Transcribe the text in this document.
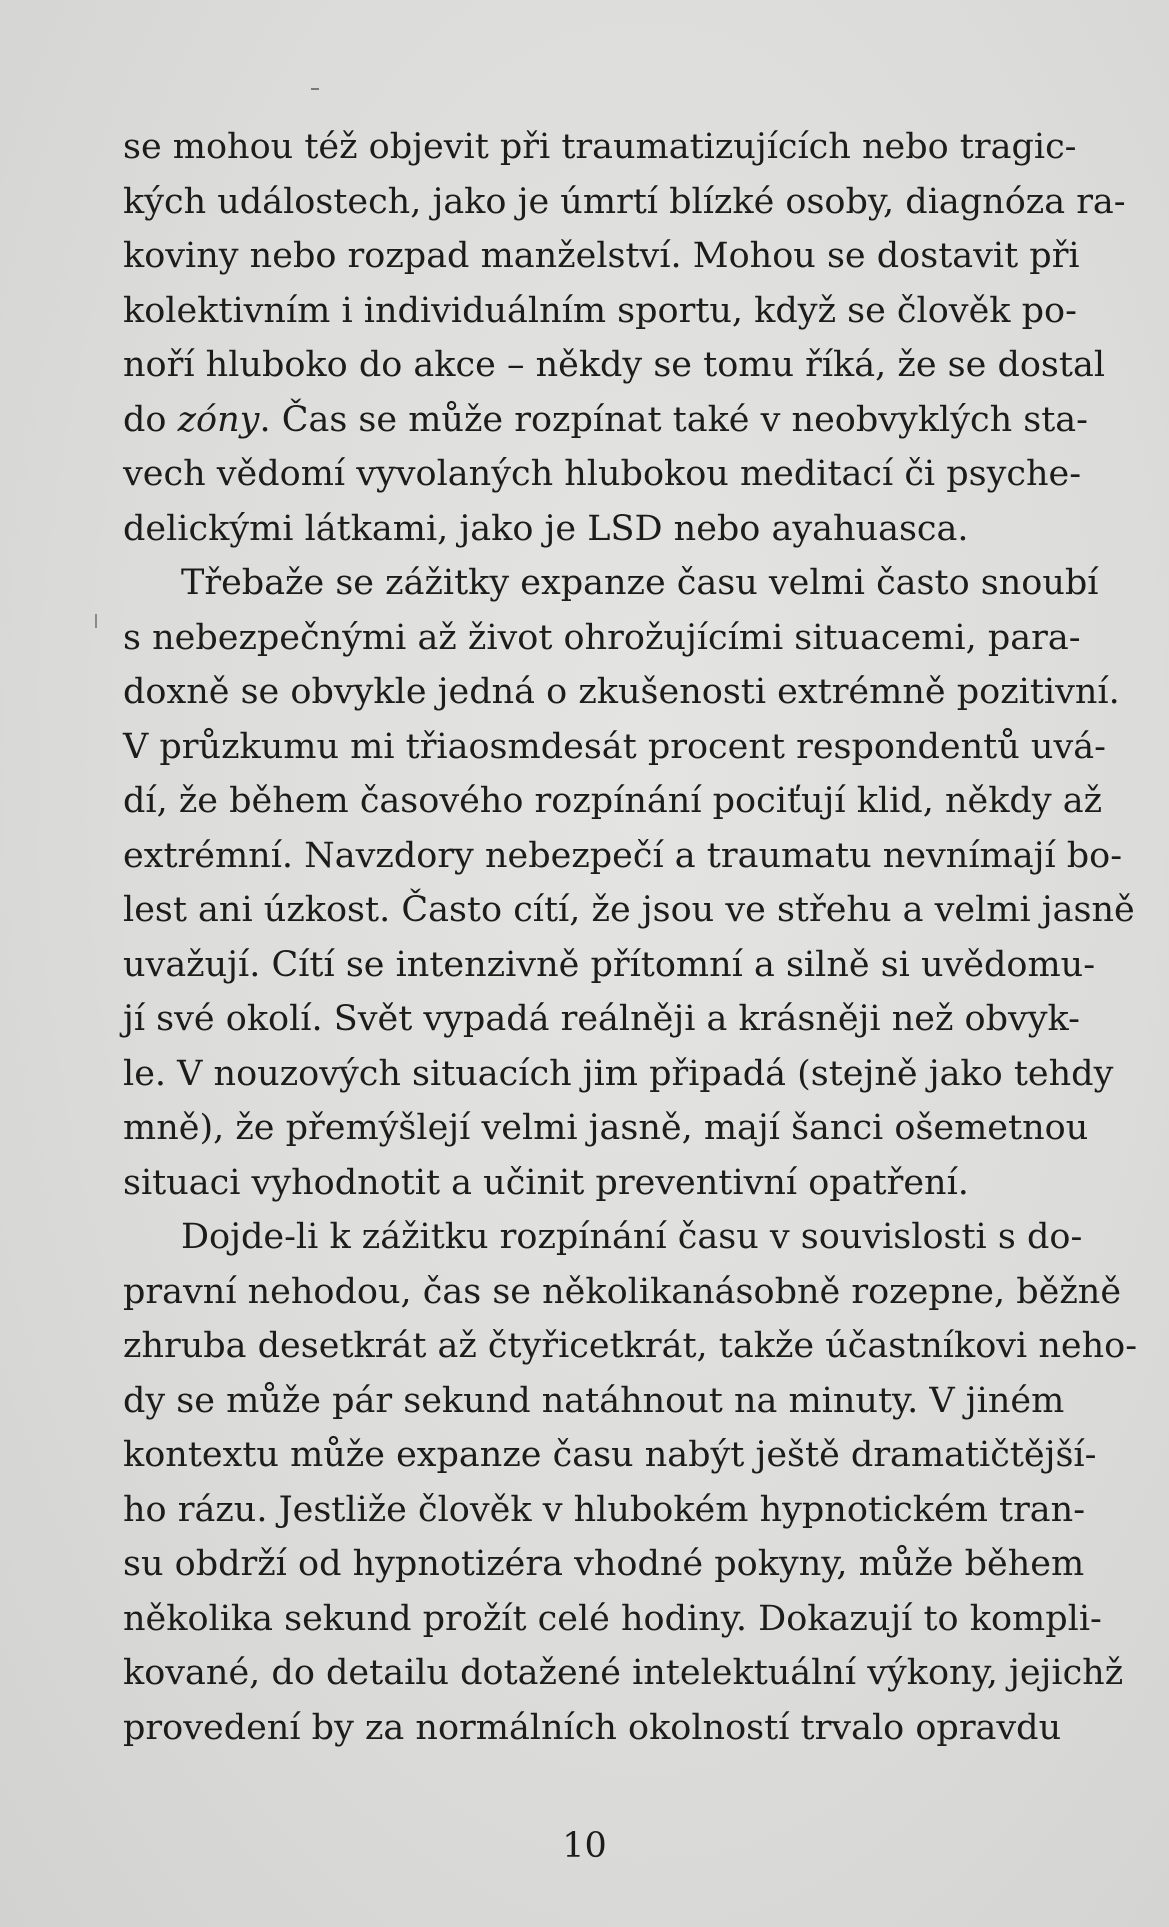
se mohou též objevit při traumatizujících nebo tragic-
kých událostech, jako je úmrtí blízké osoby, diagnóza ra-
koviny nebo rozpad manželství. Mohou se dostavit při
kolektivním i individuálním sportu, když se člověk po-
noří hluboko do akce – někdy se tomu říká, že se dostal
do zóny. Čas se může rozpínat také v neobvyklých sta-
vech vědomí vyvolaných hlubokou meditací či psyche-
delickými látkami, jako je LSD nebo ayahuasca.
Třebaže se zážitky expanze času velmi často snoubí
s nebezpečnými až život ohrožujícími situacemi, para-
doxně se obvykle jedná o zkušenosti extrémně pozitivní.
V průzkumu mi třiaosmdesát procent respondentů uvá-
dí, že během časového rozpínání pociťují klid, někdy až
extrémní. Navzdory nebezpečí a traumatu nevnímají bo-
lest ani úzkost. Často cítí, že jsou ve střehu a velmi jasně
uvažují. Cítí se intenzivně přítomní a silně si uvědomu-
jí své okolí. Svět vypadá reálněji a krásněji než obvyk-
le. V nouzových situacích jim připadá (stejně jako tehdy
mně), že přemýšlejí velmi jasně, mají šanci ošemetnou
situaci vyhodnotit a učinit preventivní opatření.
Dojde-li k zážitku rozpínání času v souvislosti s do-
pravní nehodou, čas se několikanásobně rozepne, běžně
zhruba desetkrát až čtyřicetkrát, takže účastníkovi neho-
dy se může pár sekund natáhnout na minuty. V jiném
kontextu může expanze času nabýt ještě dramatičtější-
ho rázu. Jestliže člověk v hlubokém hypnotickém tran-
su obdrží od hypnotizéra vhodné pokyny, může během
několika sekund prožít celé hodiny. Dokazují to kompli-
kované, do detailu dotažené intelektuální výkony, jejichž
provedení by za normálních okolností trvalo opravdu
10
